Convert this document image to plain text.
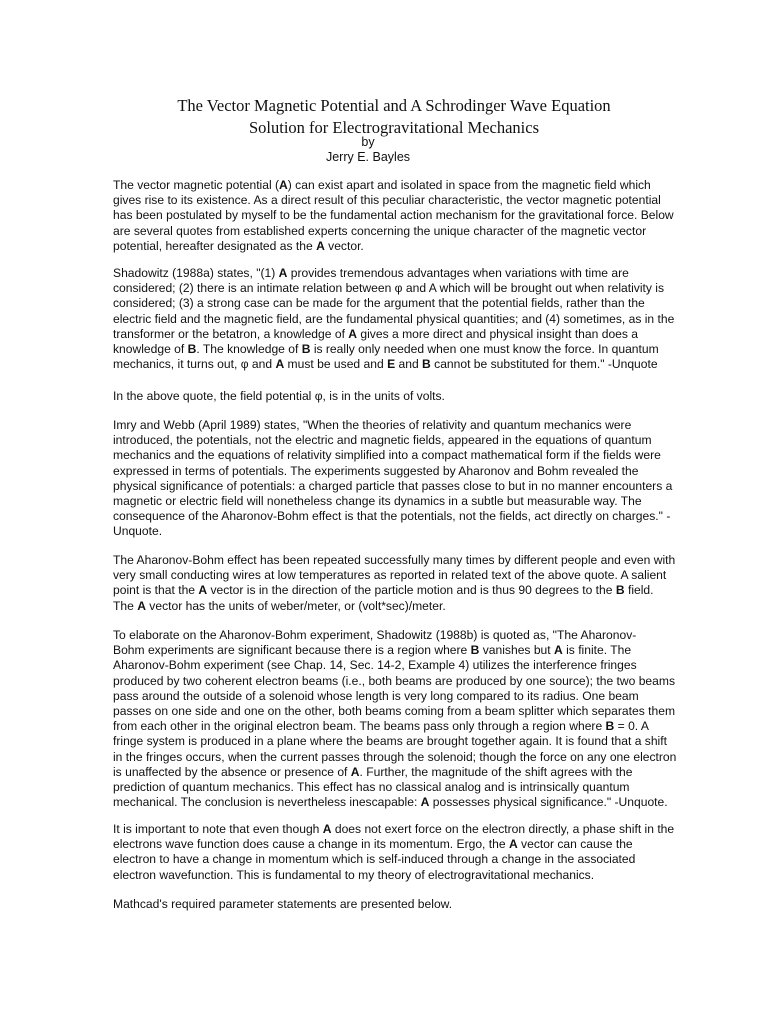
The Vector Magnetic Potential and A Schrodinger Wave Equation
Solution for Electrogravitational Mechanics
by
Jerry E. Bayles

The vector magnetic potential (A) can exist apart and isolated in space from the magnetic field which
gives rise to its existence. As a direct result of this peculiar characteristic, the vector magnetic potential
has been postulated by myself to be the fundamental action mechanism for the gravitational force. Below
are several quotes from established experts concerning the unique character of the magnetic vector
potential, hereafter designated as the A vector.

Shadowitz (1988a) states, "(1) A provides tremendous advantages when variations with time are
considered; (2) there is an intimate relation between φ and A which will be brought out when relativity is
considered; (3) a strong case can be made for the argument that the potential fields, rather than the
electric field and the magnetic field, are the fundamental physical quantities; and (4) sometimes, as in the
transformer or the betatron, a knowledge of A gives a more direct and physical insight than does a
knowledge of B. The knowledge of B is really only needed when one must know the force. In quantum
mechanics, it turns out, φ and A must be used and E and B cannot be substituted for them." -Unquote

In the above quote, the field potential φ, is in the units of volts.

Imry and Webb (April 1989) states, "When the theories of relativity and quantum mechanics were
introduced, the potentials, not the electric and magnetic fields, appeared in the equations of quantum
mechanics and the equations of relativity simplified into a compact mathematical form if the fields were
expressed in terms of potentials. The experiments suggested by Aharonov and Bohm revealed the
physical significance of potentials: a charged particle that passes close to but in no manner encounters a
magnetic or electric field will nonetheless change its dynamics in a subtle but measurable way. The
consequence of the Aharonov-Bohm effect is that the potentials, not the fields, act directly on charges." -
Unquote.

The Aharonov-Bohm effect has been repeated successfully many times by different people and even with
very small conducting wires at low temperatures as reported in related text of the above quote. A salient
point is that the A vector is in the direction of the particle motion and is thus 90 degrees to the B field.
The A vector has the units of weber/meter, or (volt*sec)/meter.

To elaborate on the Aharonov-Bohm experiment, Shadowitz (1988b) is quoted as, "The Aharonov-
Bohm experiments are significant because there is a region where B vanishes but A is finite. The
Aharonov-Bohm experiment (see Chap. 14, Sec. 14-2, Example 4) utilizes the interference fringes
produced by two coherent electron beams (i.e., both beams are produced by one source); the two beams
pass around the outside of a solenoid whose length is very long compared to its radius. One beam
passes on one side and one on the other, both beams coming from a beam splitter which separates them
from each other in the original electron beam. The beams pass only through a region where B = 0. A
fringe system is produced in a plane where the beams are brought together again. It is found that a shift
in the fringes occurs, when the current passes through the solenoid; though the force on any one electron
is unaffected by the absence or presence of A. Further, the magnitude of the shift agrees with the
prediction of quantum mechanics. This effect has no classical analog and is intrinsically quantum
mechanical. The conclusion is nevertheless inescapable: A possesses physical significance." -Unquote.

It is important to note that even though A does not exert force on the electron directly, a phase shift in the
electrons wave function does cause a change in its momentum. Ergo, the A vector can cause the
electron to have a change in momentum which is self-induced through a change in the associated
electron wavefunction. This is fundamental to my theory of electrogravitational mechanics.

Mathcad's required parameter statements are presented below.
